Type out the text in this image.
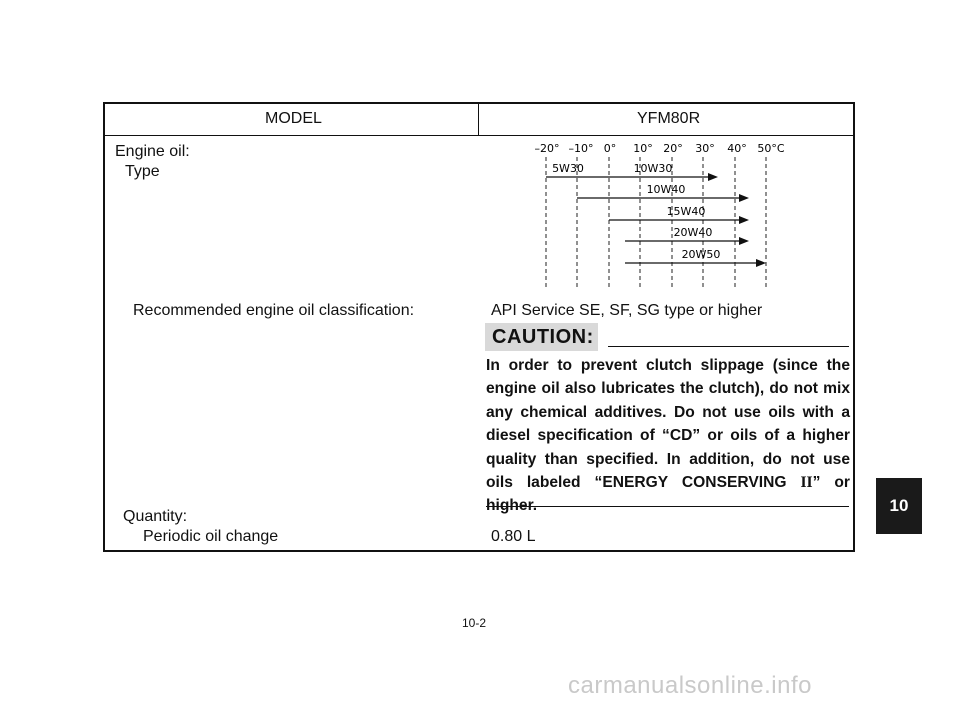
MODEL	YFM80R
Engine oil:
Type
–20° –10° 0° 10° 20° 30° 40° 50°C
5W30	10W30
10W40
15W40
20W40
20W50
Recommended engine oil classification:	API Service SE, SF, SG type or higher
CAUTION:
In order to prevent clutch slippage (since the engine oil also lubricates the clutch), do not mix any chemical additives. Do not use oils with a diesel specification of “CD” or oils of a higher quality than specified. In addition, do not use oils labeled “ENERGY CONSERVING II” or higher.
Quantity:
Periodic oil change	0.80 L
10
10-2
carmanualsonline.info
